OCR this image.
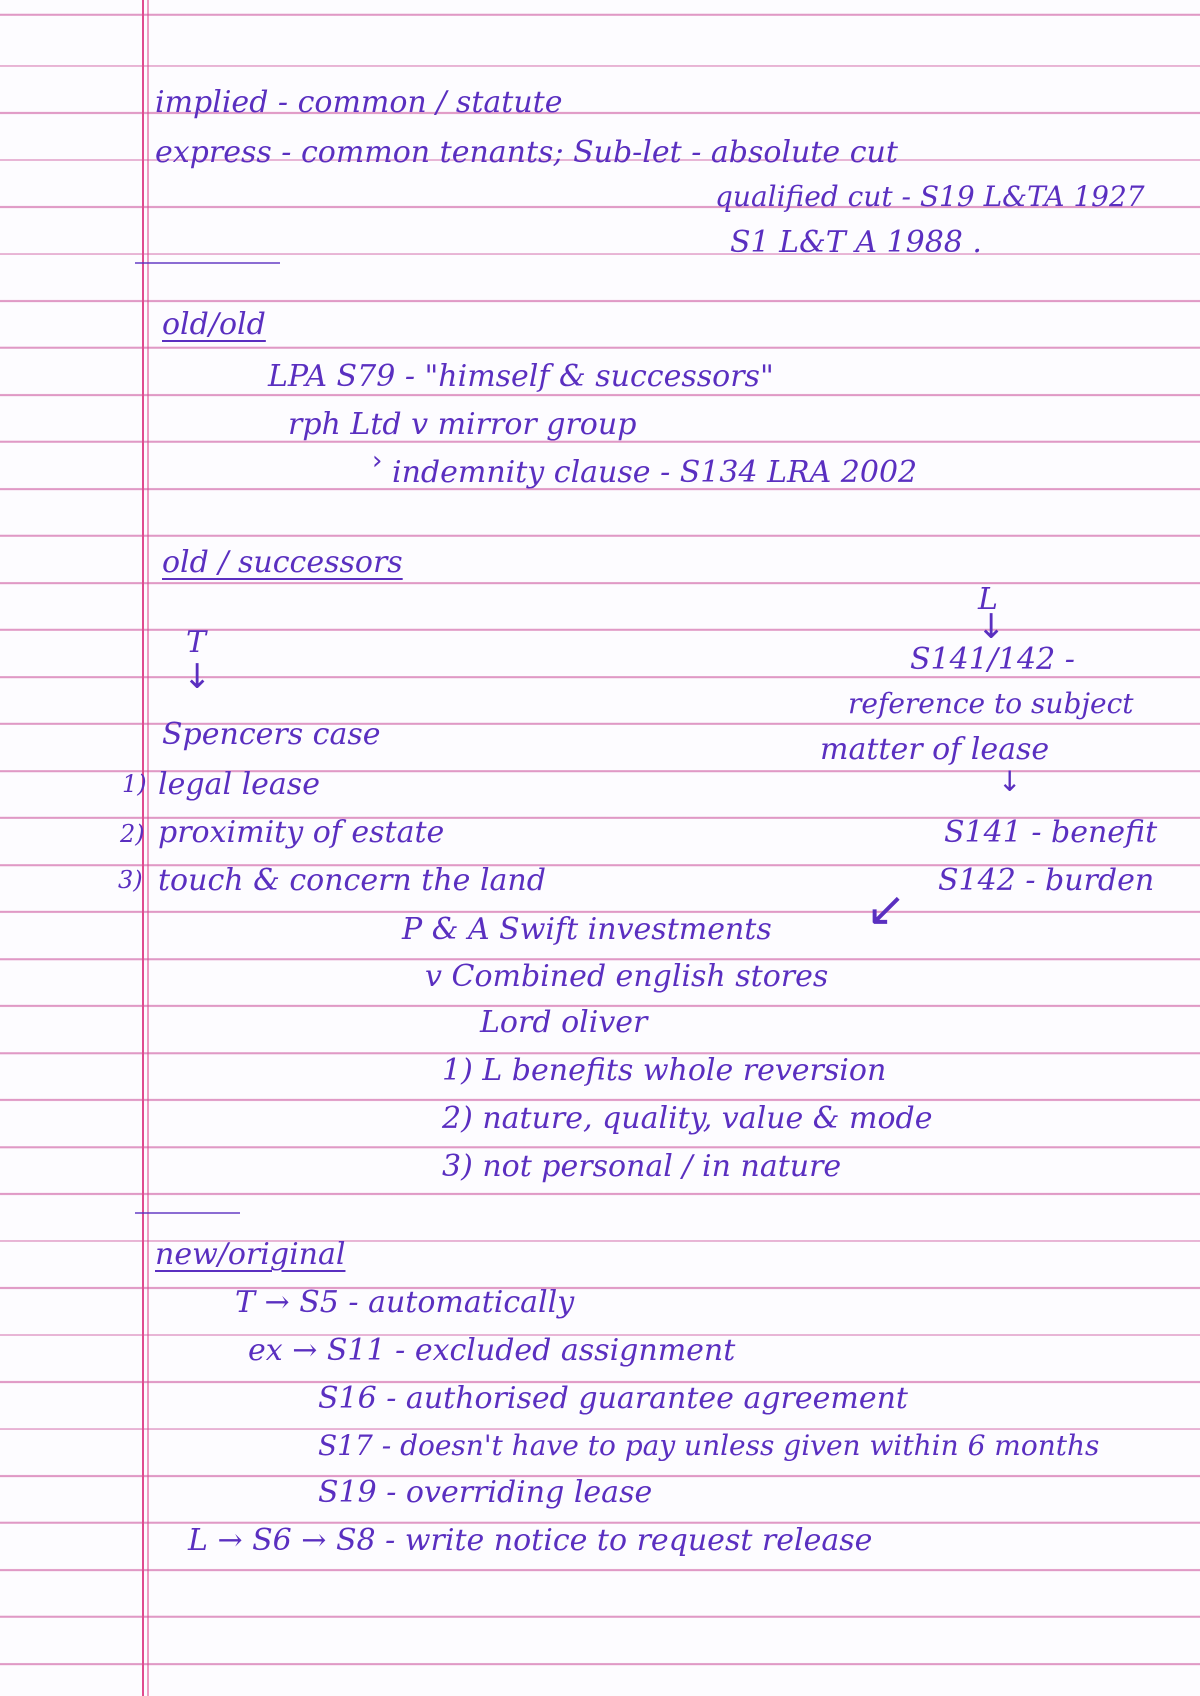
implied - common / statute
express - common tenants; Sub-let - absolute cut
qualified cut - S19 L&TA 1927
S1 L&T A 1988 .
old/old
LPA S79 - "himself & successors"
rph Ltd v mirror group
› indemnity clause - S134 LRA 2002
old / successors
T
↓
L
↓
S141/142 -
reference to subject
matter of lease
↓
Spencers case
1) legal lease
2) proximity of estate
3) touch & concern the land
S141 - benefit
S142 - burden
↙
P & A Swift investments
v Combined english stores
Lord oliver
1) L benefits whole reversion
2) nature, quality, value & mode
3) not personal / in nature
new/original
T → S5 - automatically
ex → S11 - excluded assignment
S16 - authorised guarantee agreement
S17 - doesn't have to pay unless given within 6 months
S19 - overriding lease
L → S6 → S8 - write notice to request release
